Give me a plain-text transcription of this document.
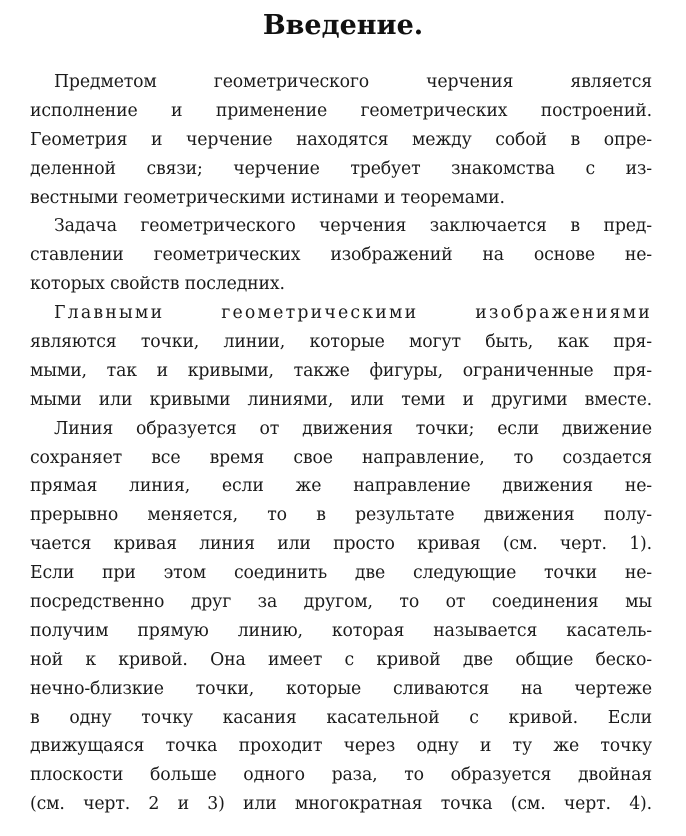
Введение.
Предметом геометрического черчения является
исполнение и применение геометрических построений.
Геометрия и черчение находятся между собой в опре-
деленной связи; черчение требует знакомства с из-
вестными геометрическими истинами и теоремами.
Задача геометрического черчения заключается в пред-
ставлении геометрических изображений на основе не-
которых свойств последних.
Главными геометрическими изображениями
являются точки, линии, которые могут быть, как пря-
мыми, так и кривыми, также фигуры, ограниченные пря-
мыми или кривыми линиями, или теми и другими вместе.
Линия образуется от движения точки; если движение
сохраняет все время свое направление, то создается
прямая линия, если же направление движения не-
прерывно меняется, то в результате движения полу-
чается кривая линия или просто кривая (см. черт. 1).
Если при этом соединить две следующие точки не-
посредственно друг за другом, то от соединения мы
получим прямую линию, которая называется касатель-
ной к кривой. Она имеет с кривой две общие беско-
нечно-близкие точки, которые сливаются на чертеже
в одну точку касания касательной с кривой. Если
движущаяся точка проходит через одну и ту же точку
плоскости больше одного раза, то образуется двойная
(см. черт. 2 и 3) или многократная точка (см. черт. 4).
